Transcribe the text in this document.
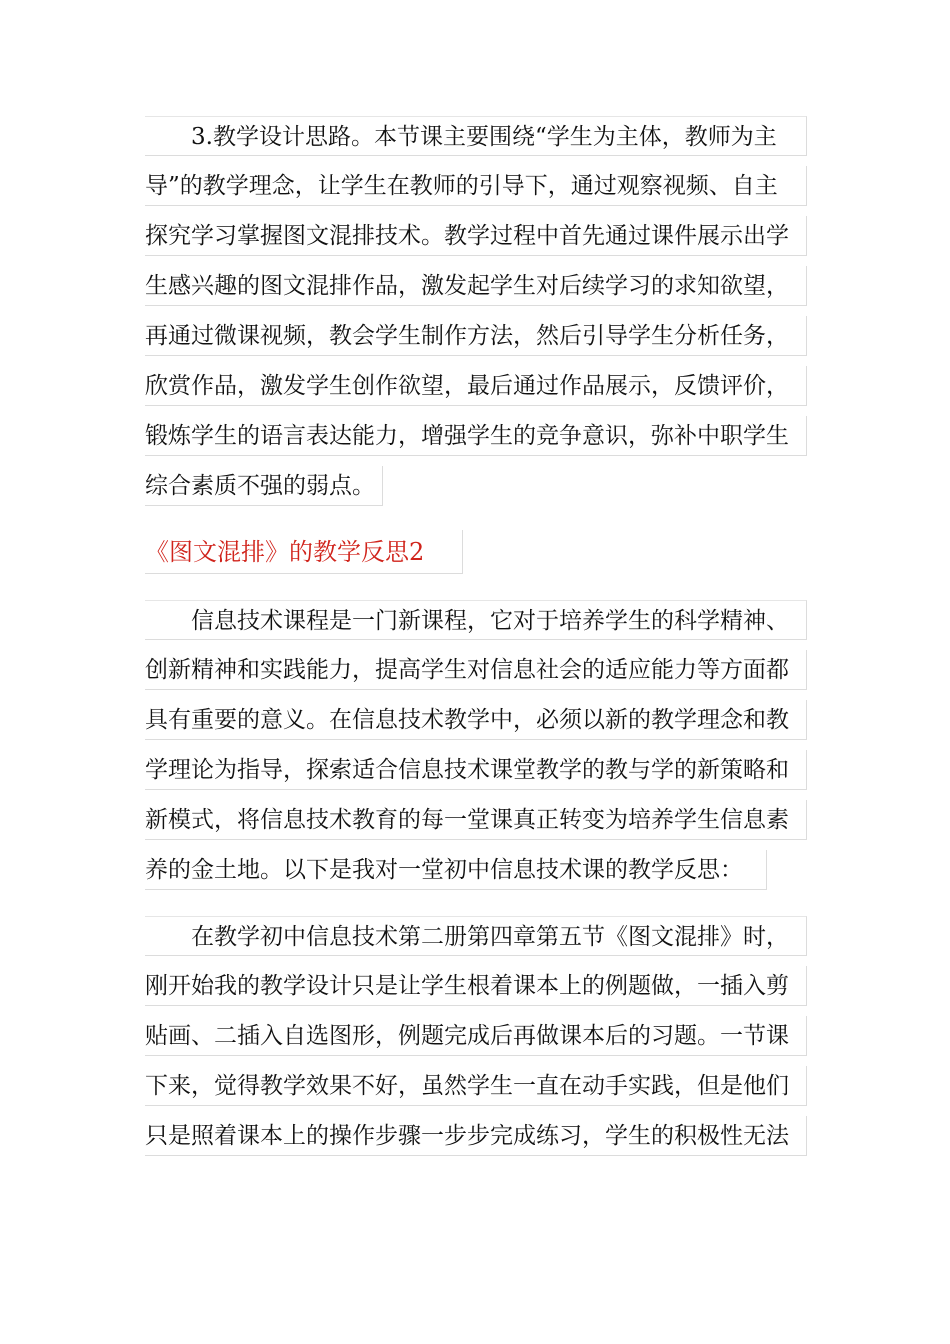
3.教学设计思路。本节课主要围绕“学生为主体，教师为主
导”的教学理念，让学生在教师的引导下，通过观察视频、自主
探究学习掌握图文混排技术。教学过程中首先通过课件展示出学
生感兴趣的图文混排作品，激发起学生对后续学习的求知欲望，
再通过微课视频，教会学生制作方法，然后引导学生分析任务，
欣赏作品，激发学生创作欲望，最后通过作品展示，反馈评价，
锻炼学生的语言表达能力，增强学生的竞争意识，弥补中职学生
综合素质不强的弱点。
《图文混排》的教学反思2
信息技术课程是一门新课程，它对于培养学生的科学精神、
创新精神和实践能力，提高学生对信息社会的适应能力等方面都
具有重要的意义。在信息技术教学中，必须以新的教学理念和教
学理论为指导，探索适合信息技术课堂教学的教与学的新策略和
新模式，将信息技术教育的每一堂课真正转变为培养学生信息素
养的金土地。以下是我对一堂初中信息技术课的教学反思：
在教学初中信息技术第二册第四章第五节《图文混排》时，
刚开始我的教学设计只是让学生根着课本上的例题做，一插入剪
贴画、二插入自选图形，例题完成后再做课本后的习题。一节课
下来，觉得教学效果不好，虽然学生一直在动手实践，但是他们
只是照着课本上的操作步骤一步步完成练习，学生的积极性无法
